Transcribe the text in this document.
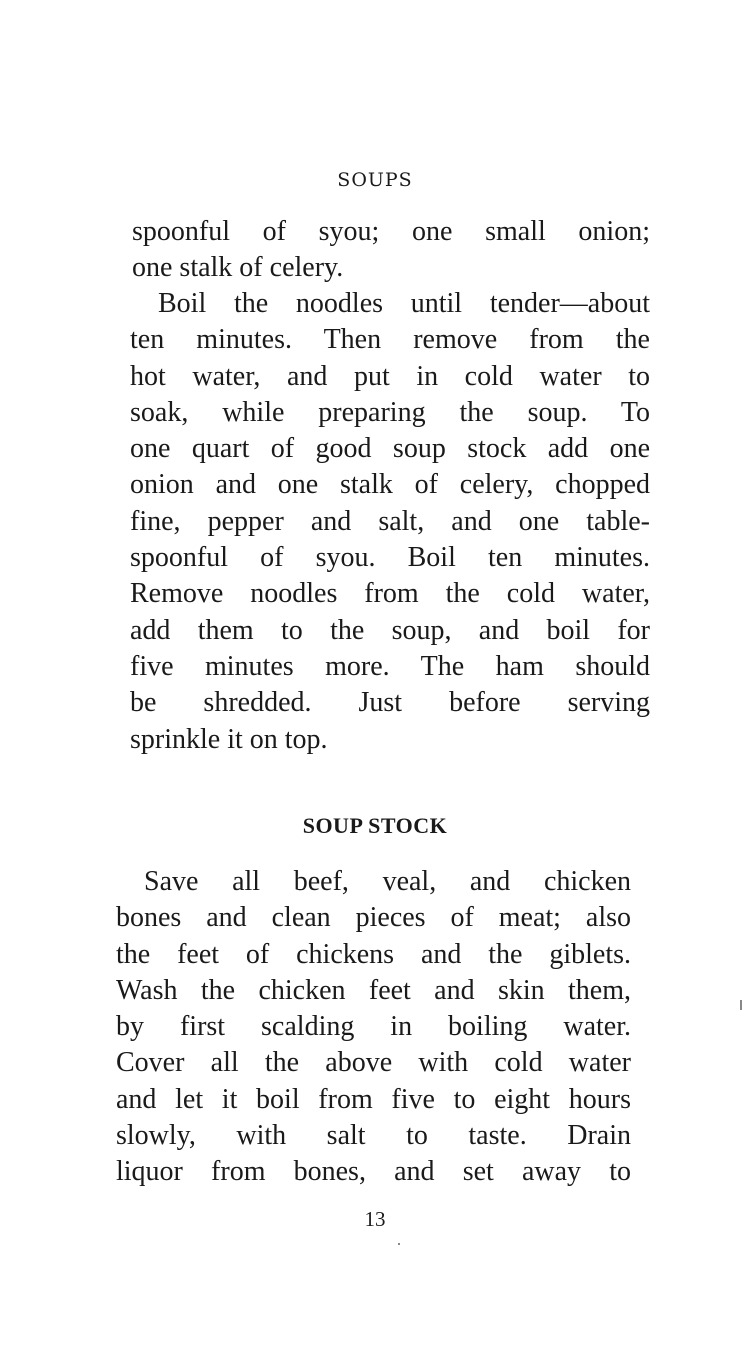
SOUPS
spoonful of syou; one small onion;
one stalk of celery.
Boil the noodles until tender—about
ten minutes. Then remove from the
hot water, and put in cold water to
soak, while preparing the soup. To
one quart of good soup stock add one
onion and one stalk of celery, chopped
fine, pepper and salt, and one table-
spoonful of syou. Boil ten minutes.
Remove noodles from the cold water,
add them to the soup, and boil for
five minutes more. The ham should
be shredded. Just before serving
sprinkle it on top.
SOUP STOCK
Save all beef, veal, and chicken
bones and clean pieces of meat; also
the feet of chickens and the giblets.
Wash the chicken feet and skin them,
by first scalding in boiling water.
Cover all the above with cold water
and let it boil from five to eight hours
slowly, with salt to taste. Drain
liquor from bones, and set away to
13
